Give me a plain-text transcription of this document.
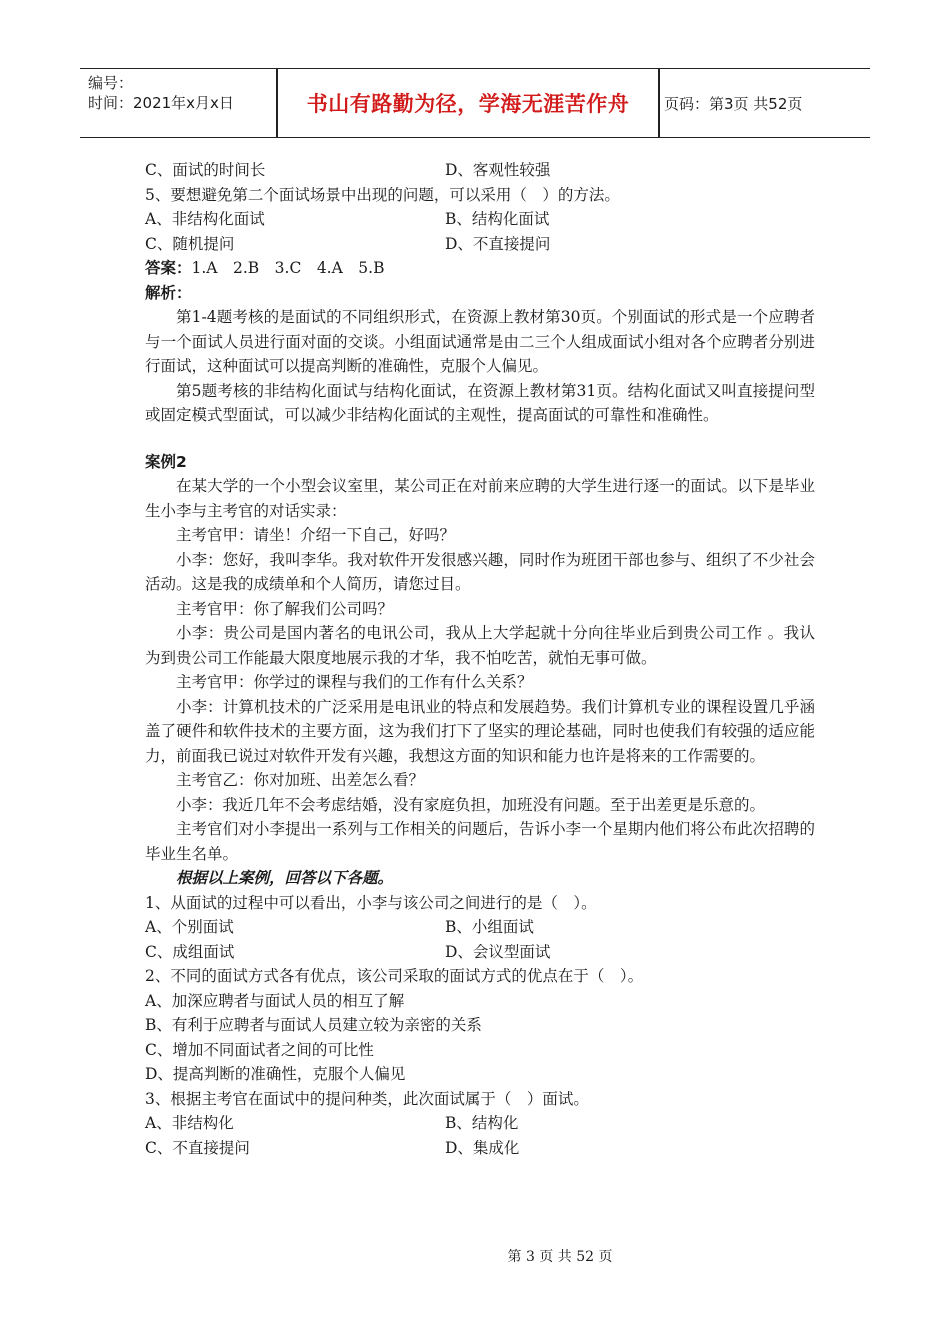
编号：
时间：2021年x月x日	书山有路勤为径，学海无涯苦作舟	页码：第3页 共52页
C、面试的时间长	D、客观性较强
5、要想避免第二个面试场景中出现的问题，可以采用（　）的方法。
A、非结构化面试	B、结构化面试
C、随机提问	D、不直接提问
答案：1.A　2.B　3.C　4.A　5.B
解析：
第1-4题考核的是面试的不同组织形式，在资源上教材第30页。个别面试的形式是一个应聘者与一个面试人员进行面对面的交谈。小组面试通常是由二三个人组成面试小组对各个应聘者分别进行面试，这种面试可以提高判断的准确性，克服个人偏见。
第5题考核的非结构化面试与结构化面试，在资源上教材第31页。结构化面试又叫直接提问型或固定模式型面试，可以减少非结构化面试的主观性，提高面试的可靠性和准确性。
案例2
在某大学的一个小型会议室里，某公司正在对前来应聘的大学生进行逐一的面试。以下是毕业生小李与主考官的对话实录：
主考官甲：请坐！介绍一下自己，好吗？
小李：您好，我叫李华。我对软件开发很感兴趣，同时作为班团干部也参与、组织了不少社会活动。这是我的成绩单和个人简历，请您过目。
主考官甲：你了解我们公司吗？
小李：贵公司是国内著名的电讯公司，我从上大学起就十分向往毕业后到贵公司工作 。我认为到贵公司工作能最大限度地展示我的才华，我不怕吃苦，就怕无事可做。
主考官甲：你学过的课程与我们的工作有什么关系？
小李：计算机技术的广泛采用是电讯业的特点和发展趋势。我们计算机专业的课程设置几乎涵盖了硬件和软件技术的主要方面，这为我们打下了坚实的理论基础，同时也使我们有较强的适应能力，前面我已说过对软件开发有兴趣，我想这方面的知识和能力也许是将来的工作需要的。
主考官乙：你对加班、出差怎么看？
小李：我近几年不会考虑结婚，没有家庭负担，加班没有问题。至于出差更是乐意的。
主考官们对小李提出一系列与工作相关的问题后，告诉小李一个星期内他们将公布此次招聘的毕业生名单。
根据以上案例，回答以下各题。
1、从面试的过程中可以看出，小李与该公司之间进行的是（　）。
A、个别面试	B、小组面试
C、成组面试	D、会议型面试
2、不同的面试方式各有优点，该公司采取的面试方式的优点在于（　）。
A、加深应聘者与面试人员的相互了解
B、有利于应聘者与面试人员建立较为亲密的关系
C、增加不同面试者之间的可比性
D、提高判断的准确性，克服个人偏见
3、根据主考官在面试中的提问种类，此次面试属于（　）面试。
A、非结构化	B、结构化
C、不直接提问	D、集成化
第 3 页 共 52 页
